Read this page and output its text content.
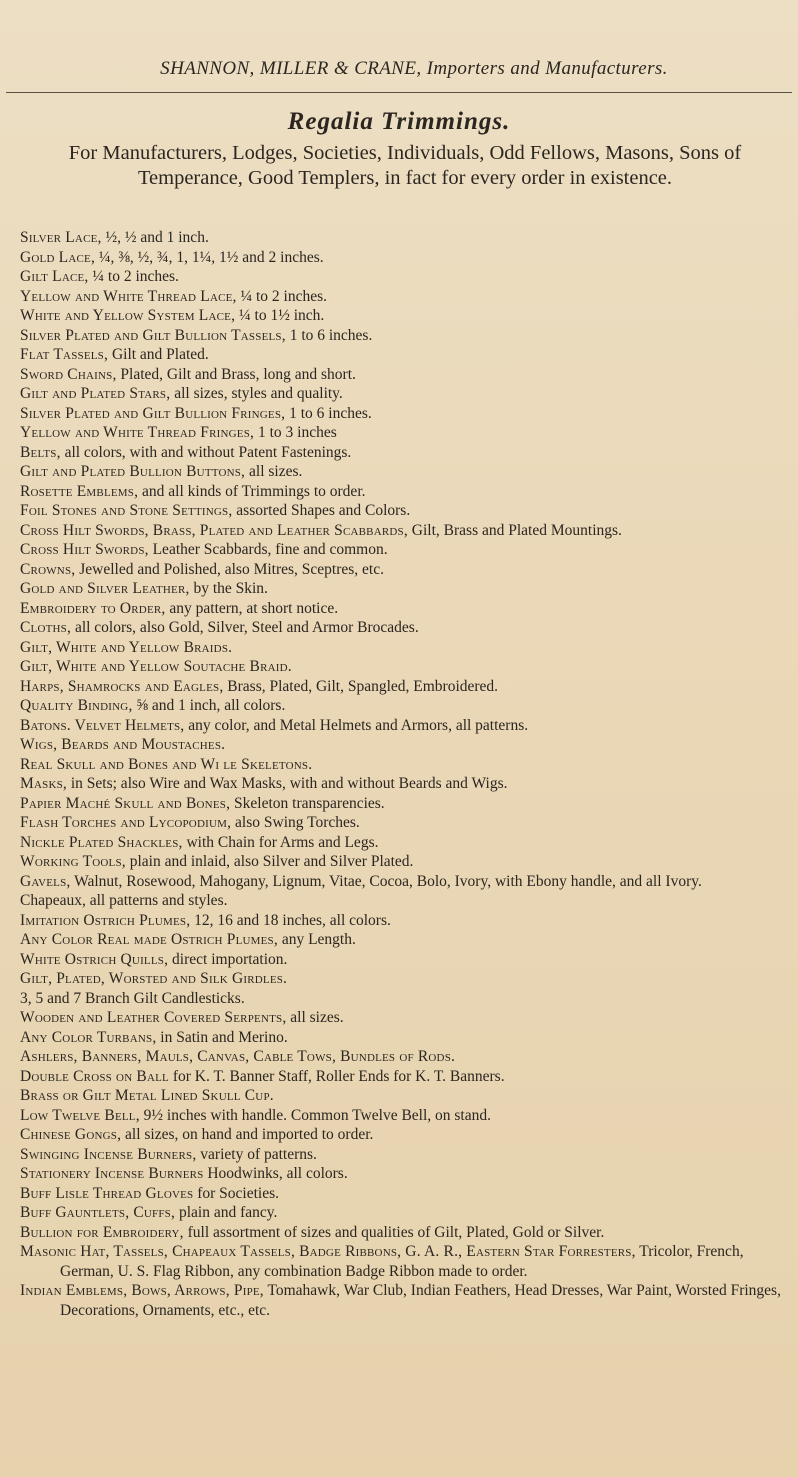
SHANNON, MILLER & CRANE, Importers and Manufacturers.
Regalia Trimmings.
For Manufacturers, Lodges, Societies, Individuals, Odd Fellows, Masons, Sons of Temperance, Good Templers, in fact for every order in existence.
Silver Lace, ½, ½ and 1 inch.
Gold Lace, ¼, ⅜, ½, ¾, 1, 1¼, 1½ and 2 inches.
Gilt Lace, ¼ to 2 inches.
Yellow and White Thread Lace, ¼ to 2 inches.
White and Yellow System Lace, ¼ to 1½ inch.
Silver Plated and Gilt Bullion Tassels, 1 to 6 inches.
Flat Tassels, Gilt and Plated.
Sword Chains, Plated, Gilt and Brass, long and short.
Gilt and Plated Stars, all sizes, styles and quality.
Silver Plated and Gilt Bullion Fringes, 1 to 6 inches.
Yellow and White Thread Fringes, 1 to 3 inches
Belts, all colors, with and without Patent Fastenings.
Gilt and Plated Bullion Buttons, all sizes.
Rosette Emblems, and all kinds of Trimmings to order.
Foil Stones and Stone Settings, assorted Shapes and Colors.
Cross Hilt Swords, Brass, Plated and Leather Scabbards, Gilt, Brass and Plated Mountings.
Cross Hilt Swords, Leather Scabbards, fine and common.
Crowns, Jewelled and Polished, also Mitres, Sceptres, etc.
Gold and Silver Leather, by the Skin.
Embroidery to Order, any pattern, at short notice.
Cloths, all colors, also Gold, Silver, Steel and Armor Brocades.
Gilt, White and Yellow Braids.
Gilt, White and Yellow Soutache Braid.
Harps, Shamrocks and Eagles, Brass, Plated, Gilt, Spangled, Embroidered.
Quality Binding, ⅝ and 1 inch, all colors.
Batons. Velvet Helmets, any color, and Metal Helmets and Armors, all patterns.
Wigs, Beards and Moustaches.
Real Skull and Bones and Wi le Skeletons.
Masks, in Sets; also Wire and Wax Masks, with and without Beards and Wigs.
Papier Maché Skull and Bones, Skeleton transparencies.
Flash Torches and Lycopodium, also Swing Torches.
Nickle Plated Shackles, with Chain for Arms and Legs.
Working Tools, plain and inlaid, also Silver and Silver Plated.
Gavels, Walnut, Rosewood, Mahogany, Lignum, Vitae, Cocoa, Bolo, Ivory, with Ebony handle, and all Ivory.
Chapeaux, all patterns and styles.
Imitation Ostrich Plumes, 12, 16 and 18 inches, all colors.
Any Color Real made Ostrich Plumes, any Length.
White Ostrich Quills, direct importation.
Gilt, Plated, Worsted and Silk Girdles.
3, 5 and 7 Branch Gilt Candlesticks.
Wooden and Leather Covered Serpents, all sizes.
Any Color Turbans, in Satin and Merino.
Ashlers, Banners, Mauls, Canvas, Cable Tows, Bundles of Rods.
Double Cross on Ball for K. T. Banner Staff, Roller Ends for K. T. Banners.
Brass or Gilt Metal Lined Skull Cup.
Low Twelve Bell, 9½ inches with handle. Common Twelve Bell, on stand.
Chinese Gongs, all sizes, on hand and imported to order.
Swinging Incense Burners, variety of patterns.
Stationery Incense Burners Hoodwinks, all colors.
Buff Lisle Thread Gloves for Societies.
Buff Gauntlets, Cuffs, plain and fancy.
Bullion for Embroidery, full assortment of sizes and qualities of Gilt, Plated, Gold or Silver.
Masonic Hat, Tassels, Chapeaux Tassels, Badge Ribbons, G. A. R., Eastern Star Forresters, Tricolor, French, German, U. S. Flag Ribbon, any combination Badge Ribbon made to order.
Indian Emblems, Bows, Arrows, Pipe, Tomahawk, War Club, Indian Feathers, Head Dresses, War Paint, Worsted Fringes, Decorations, Ornaments, etc., etc.
